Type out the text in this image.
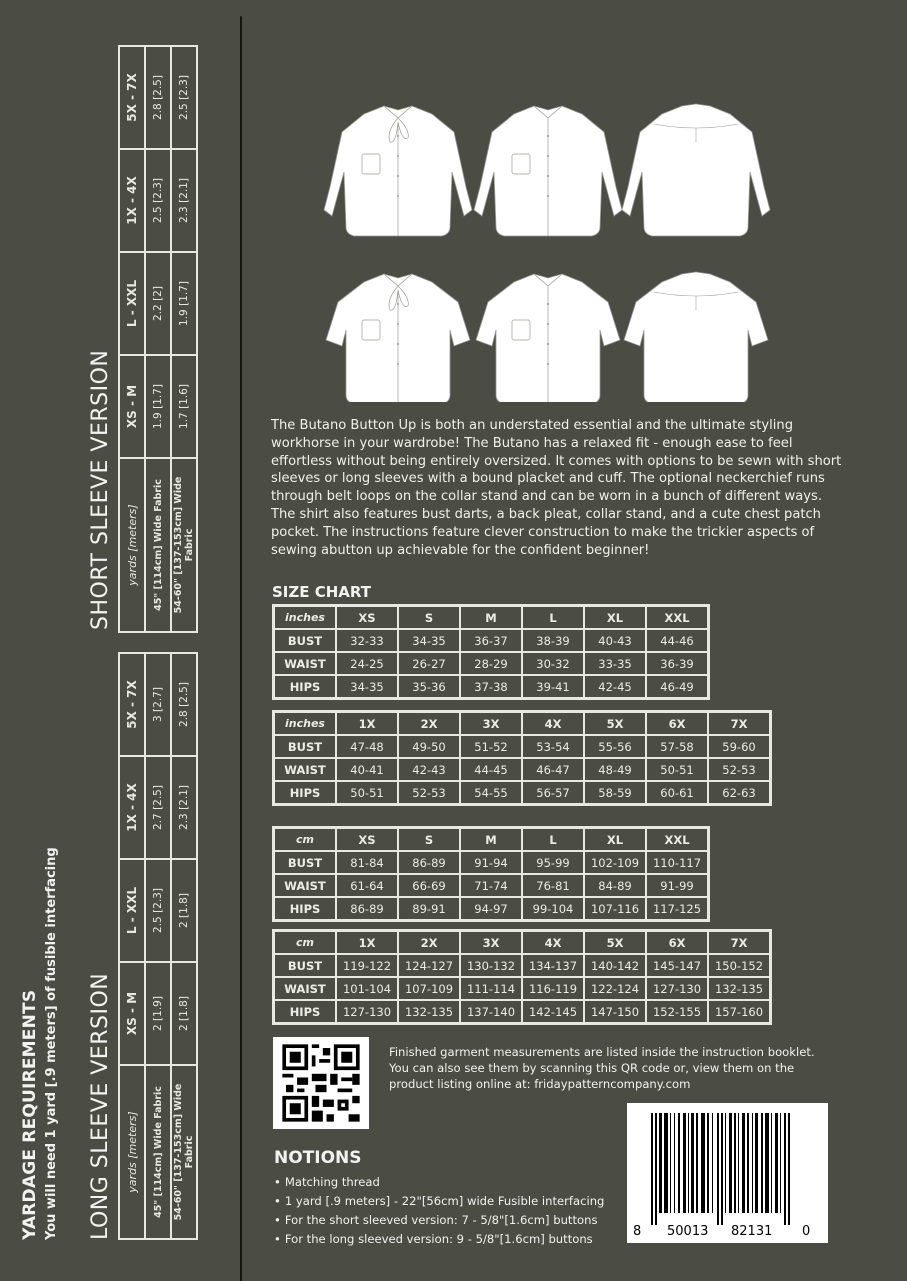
YARDAGE REQUIREMENTS You will need 1 yard [.9 meters] of fusible interfacing LONG SLEEVE VERSION yards [meters]	XS - M	L - XXL	1X - 4X	5X - 7X
45" [114cm] Wide Fabric	2 [1.9]	2.5 [2.3]	2.7 [2.5]	3 [2.7]
54-60" [137-153cm] Wide Fabric	2 [1.8]	2 [1.8]	2.3 [2.1]	2.8 [2.5]
SHORT SLEEVE VERSION yards [meters]	XS - M	L - XXL	1X - 4X	5X - 7X
45" [114cm] Wide Fabric	1.9 [1.7]	2.2 [2]	2.5 [2.3]	2.8 [2.5]
54-60" [137-153cm] Wide Fabric	1.7 [1.6]	1.9 [1.7]	2.3 [2.1]	2.5 [2.3]
The Butano Button Up is both an understated essential and the ultimate styling workhorse in your wardrobe! The Butano has a relaxed fit - enough ease to feel effortless without being entirely oversized. It comes with options to be sewn with short sleeves or long sleeves with a bound placket and cuff. The optional neckerchief runs through belt loops on the collar stand and can be worn in a bunch of different ways. The shirt also features bust darts, a back pleat, collar stand, and a cute chest patch pocket. The instructions feature clever construction to make the trickier aspects of sewing abutton up achievable for the confident beginner!
SIZE CHART
inches	XS	S	M	L	XL	XXL
BUST	32-33	34-35	36-37	38-39	40-43	44-46
WAIST	24-25	26-27	28-29	30-32	33-35	36-39
HIPS	34-35	35-36	37-38	39-41	42-45	46-49
inches	1X	2X	3X	4X	5X	6X	7X
BUST	47-48	49-50	51-52	53-54	55-56	57-58	59-60
WAIST	40-41	42-43	44-45	46-47	48-49	50-51	52-53
HIPS	50-51	52-53	54-55	56-57	58-59	60-61	62-63
cm	XS	S	M	L	XL	XXL
BUST	81-84	86-89	91-94	95-99	102-109	110-117
WAIST	61-64	66-69	71-74	76-81	84-89	91-99
HIPS	86-89	89-91	94-97	99-104	107-116	117-125
cm	1X	2X	3X	4X	5X	6X	7X
BUST	119-122	124-127	130-132	134-137	140-142	145-147	150-152
WAIST	101-104	107-109	111-114	116-119	122-124	127-130	132-135
HIPS	127-130	132-135	137-140	142-145	147-150	152-155	157-160
Finished garment measurements are listed inside the instruction booklet. You can also see them by scanning this QR code or, view them on the product listing online at: fridaypatterncompany.com
NOTIONS
• Matching thread
• 1 yard [.9 meters] - 22"[56cm] wide Fusible interfacing
• For the short sleeved version: 7 - 5/8"[1.6cm] buttons
• For the long sleeved version: 9 - 5/8"[1.6cm] buttons	8 50013 82131 0
